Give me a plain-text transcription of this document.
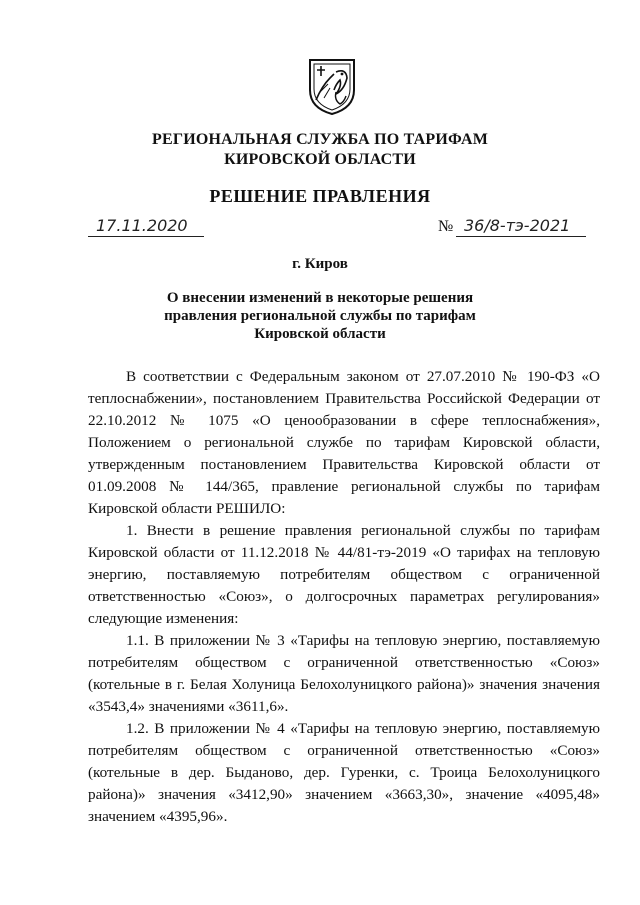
РЕГИОНАЛЬНАЯ СЛУЖБА ПО ТАРИФАМ
КИРОВСКОЙ ОБЛАСТИ
РЕШЕНИЕ ПРАВЛЕНИЯ
17.11.2020	№ 36/8-тэ-2021
г. Киров
О внесении изменений в некоторые решения
правления региональной службы по тарифам
Кировской области

В соответствии с Федеральным законом от 27.07.2010 № 190-ФЗ «О теплоснабжении», постановлением Правительства Российской Федерации от 22.10.2012 № 1075 «О ценообразовании в сфере теплоснабжения», Положением о региональной службе по тарифам Кировской области, утвержденным постановлением Правительства Кировской области от 01.09.2008 № 144/365, правление региональной службы по тарифам Кировской области РЕШИЛО:

1. Внести в решение правления региональной службы по тарифам Кировской области от 11.12.2018 № 44/81-тэ-2019 «О тарифах на тепловую энергию, поставляемую потребителям обществом с ограниченной ответственностью «Союз», о долгосрочных параметрах регулирования» следующие изменения:

1.1. В приложении № 3 «Тарифы на тепловую энергию, поставляемую потребителям обществом с ограниченной ответственностью «Союз» (котельные в г. Белая Холуница Белохолуницкого района)» значения значения «3543,4» значениями «3611,6».

1.2. В приложении № 4 «Тарифы на тепловую энергию, поставляемую потребителям обществом с ограниченной ответственностью «Союз» (котельные в дер. Быданово, дер. Гуренки, с. Троица Белохолуницкого района)» значения «3412,90» значением «3663,30», значение «4095,48» значением «4395,96».
